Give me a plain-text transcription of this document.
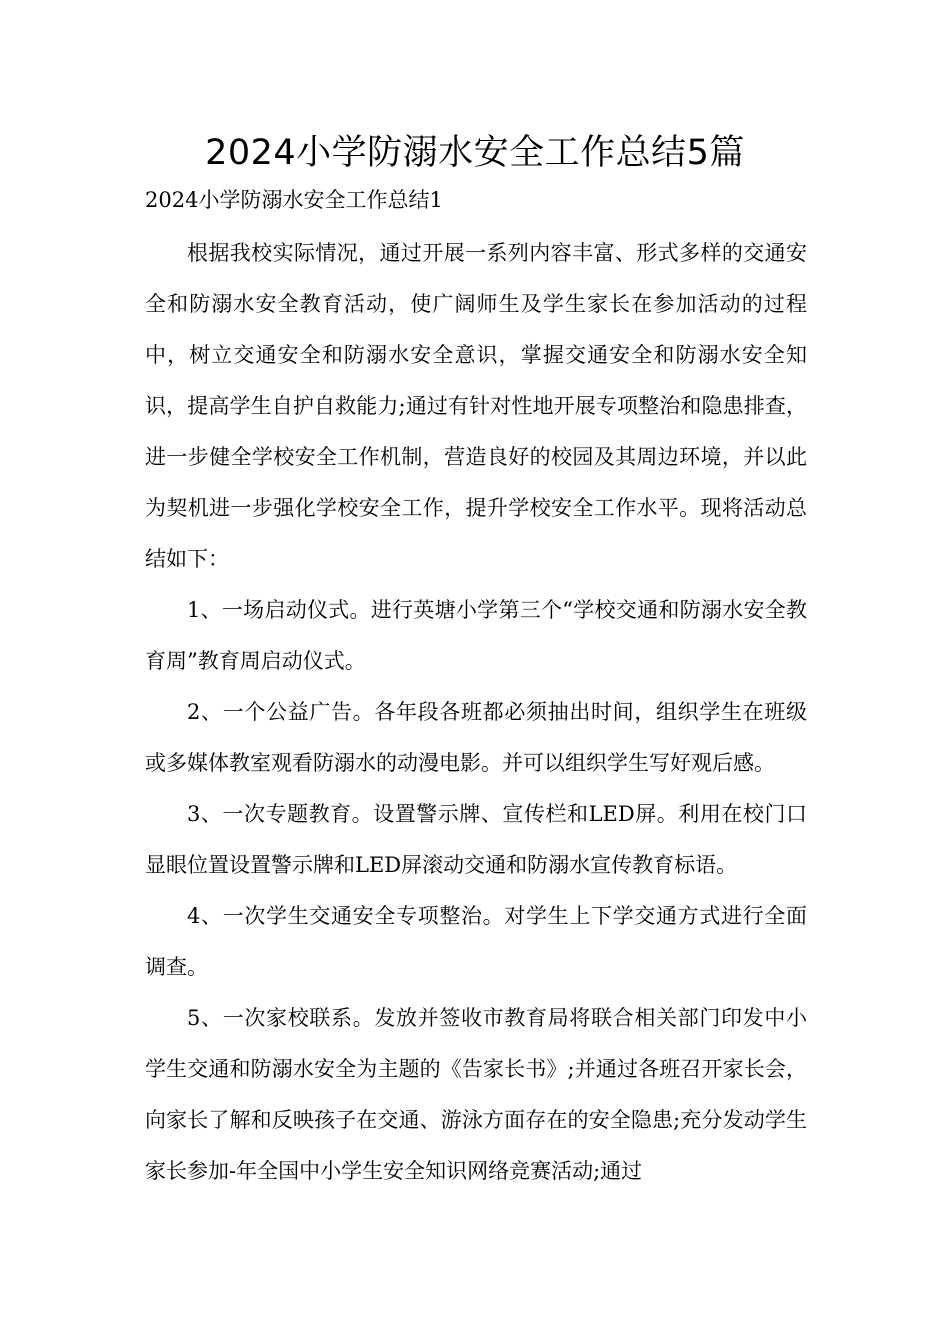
2024小学防溺水安全工作总结5篇
2024小学防溺水安全工作总结1

根据我校实际情况，通过开展一系列内容丰富、形式多样的交通安全和防溺水安全教育活动，使广阔师生及学生家长在参加活动的过程中，树立交通安全和防溺水安全意识，掌握交通安全和防溺水安全知识，提高学生自护自救能力;通过有针对性地开展专项整治和隐患排查，进一步健全学校安全工作机制，营造良好的校园及其周边环境，并以此为契机进一步强化学校安全工作，提升学校安全工作水平。现将活动总结如下：

1、一场启动仪式。进行英塘小学第三个“学校交通和防溺水安全教育周”教育周启动仪式。

2、一个公益广告。各年段各班都必须抽出时间，组织学生在班级或多媒体教室观看防溺水的动漫电影。并可以组织学生写好观后感。

3、一次专题教育。设置警示牌、宣传栏和LED屏。利用在校门口显眼位置设置警示牌和LED屏滚动交通和防溺水宣传教育标语。

4、一次学生交通安全专项整治。对学生上下学交通方式进行全面调查。

5、一次家校联系。发放并签收市教育局将联合相关部门印发中小学生交通和防溺水安全为主题的《告家长书》;并通过各班召开家长会，向家长了解和反映孩子在交通、游泳方面存在的安全隐患;充分发动学生家长参加-年全国中小学生安全知识网络竞赛活动;通过
